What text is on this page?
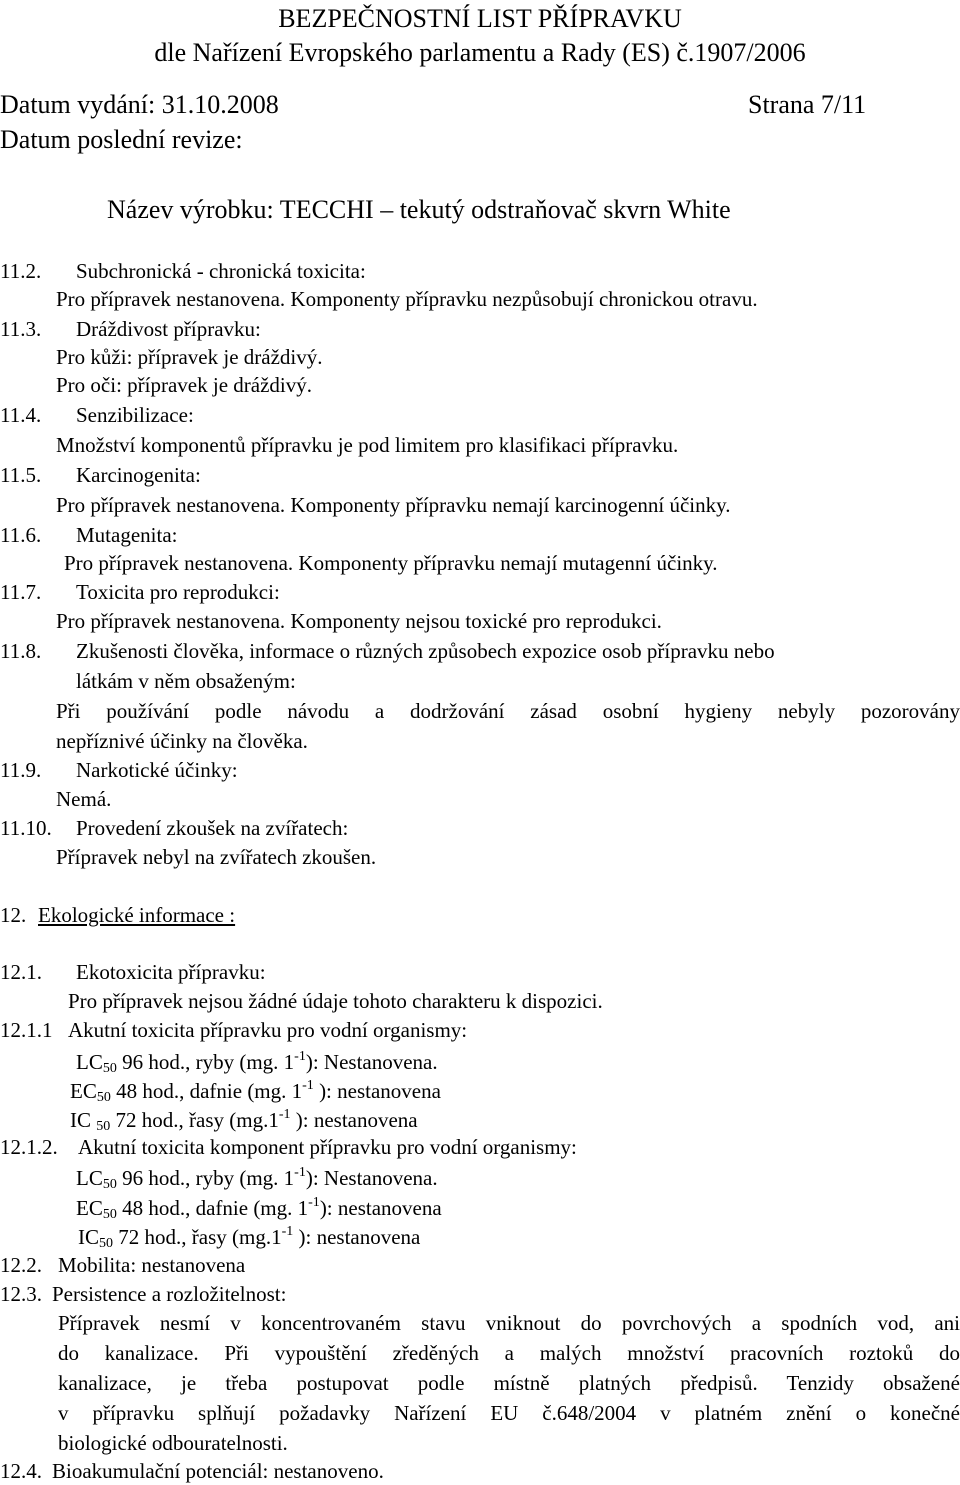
BEZPEČNOSTNÍ LIST PŘÍPRAVKU
dle Nařízení Evropského parlamentu a Rady (ES) č.1907/2006
Datum vydání: 31.10.2008	Strana 7/11
Datum poslední revize:
Název výrobku: TECCHI – tekutý odstraňovač skvrn White
11.2. Subchronická - chronická toxicita:
Pro přípravek nestanovena. Komponenty přípravku nezpůsobují chronickou otravu.
11.3. Dráždivost přípravku:
Pro kůži: přípravek je dráždivý.
Pro oči: přípravek je dráždivý.
11.4. Senzibilizace:
Množství komponentů přípravku je pod limitem pro klasifikaci přípravku.
11.5. Karcinogenita:
Pro přípravek nestanovena. Komponenty přípravku nemají karcinogenní účinky.
11.6. Mutagenita:
Pro přípravek nestanovena. Komponenty přípravku nemají mutagenní účinky.
11.7. Toxicita pro reprodukci:
Pro přípravek nestanovena. Komponenty nejsou toxické pro reprodukci.
11.8. Zkušenosti člověka, informace o různých způsobech expozice osob přípravku nebo
látkám v něm obsaženým:
Při používání podle návodu a dodržování zásad osobní hygieny nebyly pozorovány
nepříznivé účinky na člověka.
11.9. Narkotické účinky:
Nemá.
11.10. Provedení zkoušek na zvířatech:
Přípravek nebyl na zvířatech zkoušen.
12. Ekologické informace :
12.1. Ekotoxicita přípravku:
Pro přípravek nejsou žádné údaje tohoto charakteru k dispozici.
12.1.1 Akutní toxicita přípravku pro vodní organismy:
$LC_{50}$ 96 hod., ryby (mg. $1^{-1}$): Nestanovena.
$EC_{50}$ 48 hod., dafnie (mg. $1^{-1}$ ): nestanovena
IC $_{50}$ 72 hod., řasy ($mg.1^{-1}$ ): nestanovena
12.1.2. Akutní toxicita komponent přípravku pro vodní organismy:
$LC_{50}$ 96 hod., ryby (mg. $1^{-1}$): Nestanovena.
$EC_{50}$ 48 hod., dafnie (mg. $1^{-1}$): nestanovena
$IC_{50}$ 72 hod., řasy ($mg.1^{-1}$ ): nestanovena
12.2. Mobilita: nestanovena
12.3. Persistence a rozložitelnost:
Přípravek nesmí v koncentrovaném stavu vniknout do povrchových a spodních vod, ani
do kanalizace. Při vypouštění zředěných a malých množství pracovních roztoků do
kanalizace, je třeba postupovat podle místně platných předpisů. Tenzidy obsažené
v přípravku splňují požadavky Nařízení EU č.648/2004 v platném znění o konečné
biologické odbouratelnosti.
12.4. Bioakumulační potenciál: nestanoveno.
